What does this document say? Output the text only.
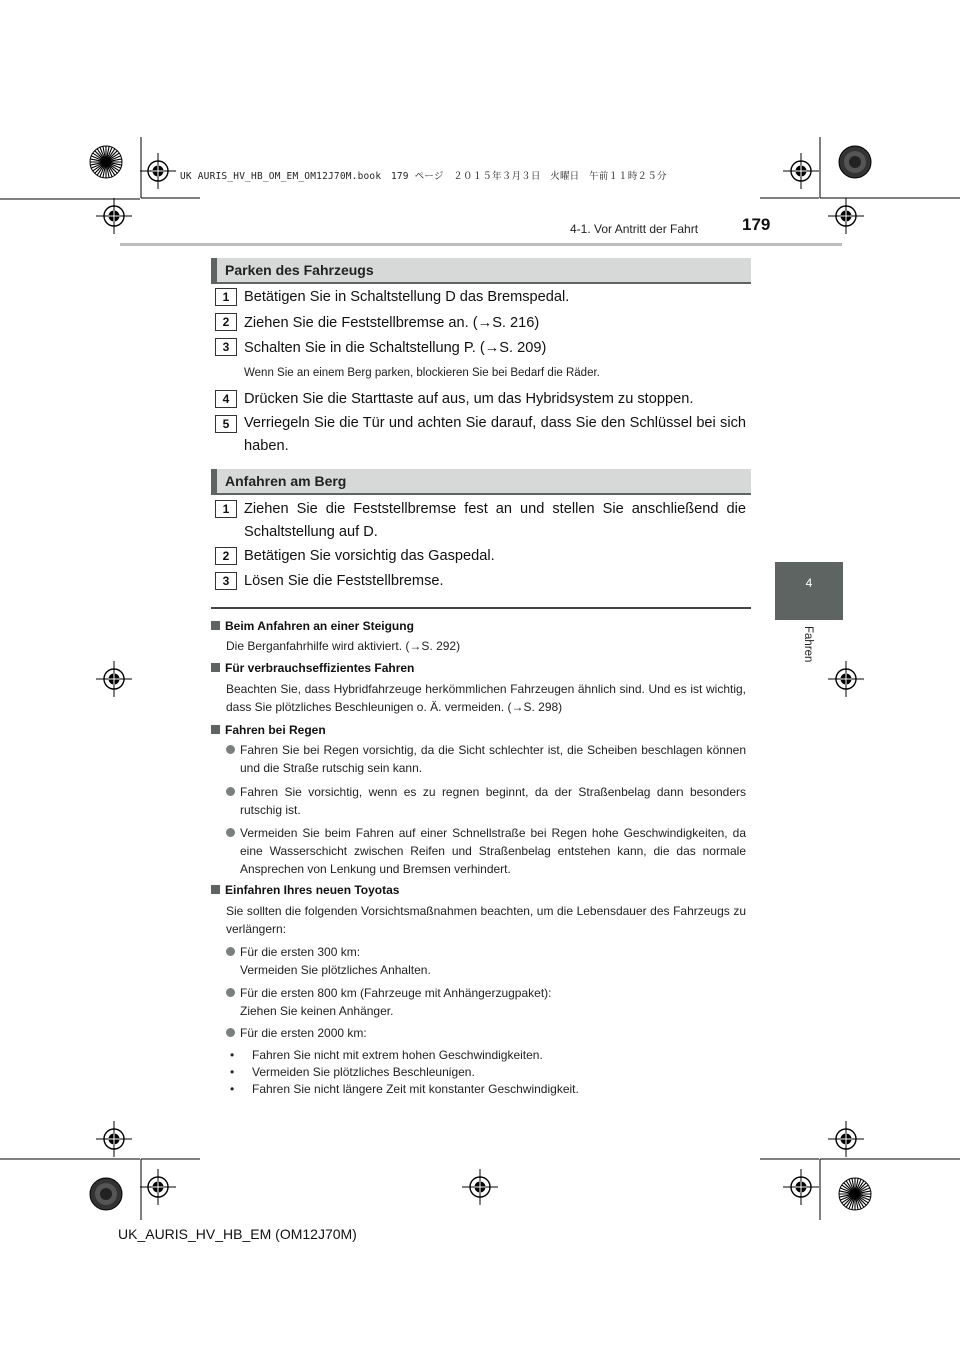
UK AURIS_HV_HB_OM_EM_OM12J70M.book　179 ページ　２０１５年３月３日　火曜日　午前１１時２５分
4-1. Vor Antritt der Fahrt	179
4
Fahren
Parken des Fahrzeugs
1	Betätigen Sie in Schaltstellung D das Bremspedal.
2	Ziehen Sie die Feststellbremse an. (→S. 216)
3	Schalten Sie in die Schaltstellung P. (→S. 209)
Wenn Sie an einem Berg parken, blockieren Sie bei Bedarf die Räder.
4	Drücken Sie die Starttaste auf aus, um das Hybridsystem zu stoppen.
5	Verriegeln Sie die Tür und achten Sie darauf, dass Sie den Schlüssel bei sich haben.
Anfahren am Berg
1	Ziehen Sie die Feststellbremse fest an und stellen Sie anschließend die Schaltstellung auf D.
2	Betätigen Sie vorsichtig das Gaspedal.
3	Lösen Sie die Feststellbremse.
Beim Anfahren an einer Steigung
Die Berganfahrhilfe wird aktiviert. (→S. 292)
Für verbrauchseffizientes Fahren
Beachten Sie, dass Hybridfahrzeuge herkömmlichen Fahrzeugen ähnlich sind. Und es ist wichtig, dass Sie plötzliches Beschleunigen o. Ä. vermeiden. (→S. 298)
Fahren bei Regen
Fahren Sie bei Regen vorsichtig, da die Sicht schlechter ist, die Scheiben beschlagen können und die Straße rutschig sein kann.
Fahren Sie vorsichtig, wenn es zu regnen beginnt, da der Straßenbelag dann besonders rutschig ist.
Vermeiden Sie beim Fahren auf einer Schnellstraße bei Regen hohe Geschwindigkeiten, da eine Wasserschicht zwischen Reifen und Straßenbelag entstehen kann, die das normale Ansprechen von Lenkung und Bremsen verhindert.
Einfahren Ihres neuen Toyotas
Sie sollten die folgenden Vorsichtsmaßnahmen beachten, um die Lebensdauer des Fahrzeugs zu verlängern:
Für die ersten 300 km:
Vermeiden Sie plötzliches Anhalten.
Für die ersten 800 km (Fahrzeuge mit Anhängerzugpaket):
Ziehen Sie keinen Anhänger.
Für die ersten 2000 km:
• Fahren Sie nicht mit extrem hohen Geschwindigkeiten.
• Vermeiden Sie plötzliches Beschleunigen.
• Fahren Sie nicht längere Zeit mit konstanter Geschwindigkeit.
UK_AURIS_HV_HB_EM (OM12J70M)
